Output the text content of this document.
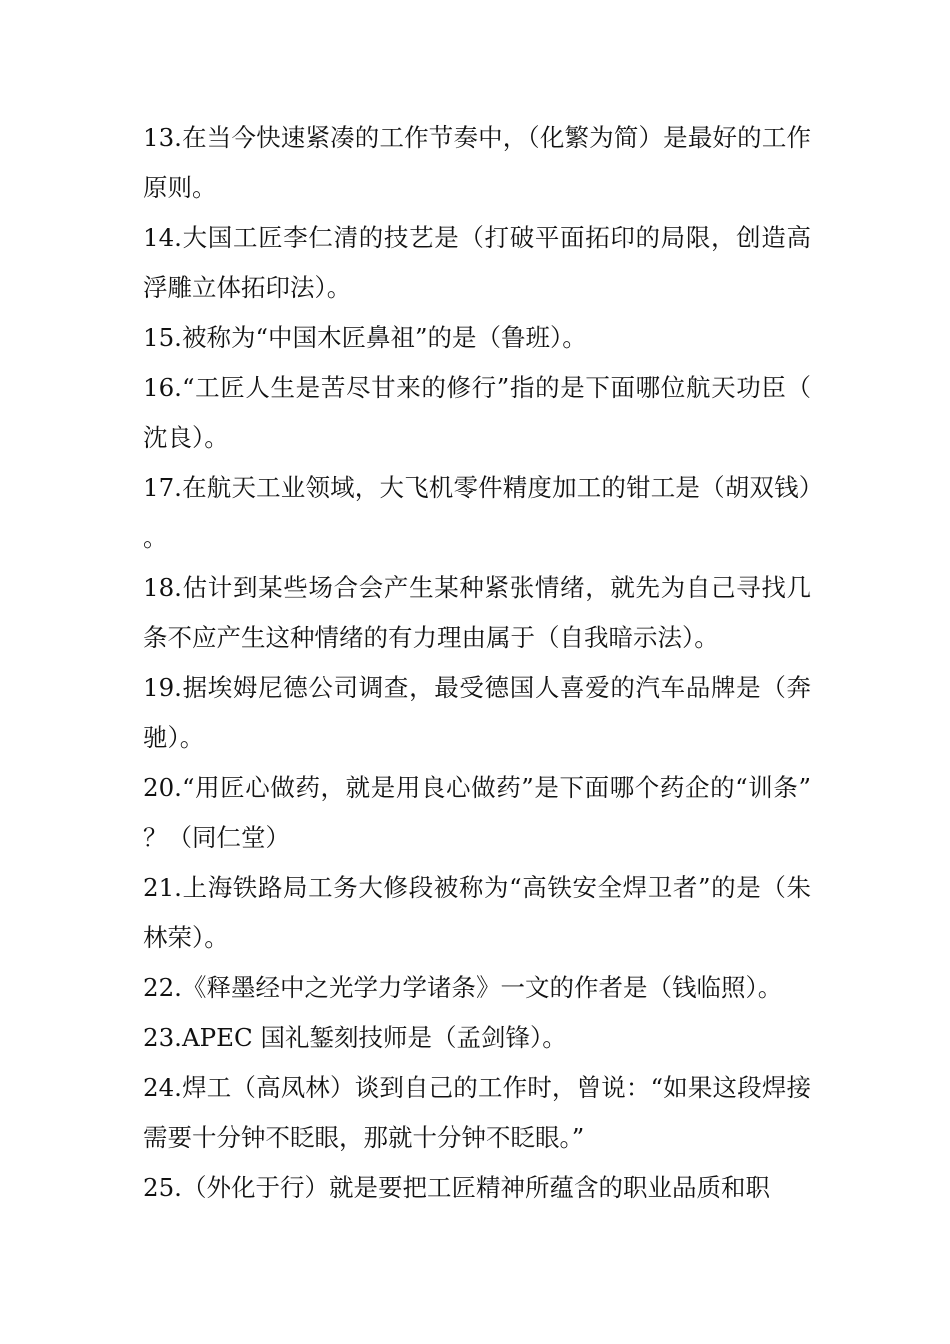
13.在当今快速紧凑的工作节奏中，（化繁为简）是最好的工作原则。

14.大国工匠李仁清的技艺是（打破平面拓印的局限，创造高浮雕立体拓印法）。

15.被称为“中国木匠鼻祖”的是（鲁班）。

16.“工匠人生是苦尽甘来的修行”指的是下面哪位航天功臣（沈良）。

17.在航天工业领域，大飞机零件精度加工的钳工是（胡双钱）。

18.估计到某些场合会产生某种紧张情绪，就先为自己寻找几条不应产生这种情绪的有力理由属于（自我暗示法）。

19.据埃姆尼德公司调查，最受德国人喜爱的汽车品牌是（奔驰）。

20.“用匠心做药，就是用良心做药”是下面哪个药企的“训条”？（同仁堂）

21.上海铁路局工务大修段被称为“高铁安全焊卫者”的是（朱林荣）。

22.《释墨经中之光学力学诸条》一文的作者是（钱临照）。

23.APEC 国礼錾刻技师是（孟剑锋）。

24.焊工（高凤林）谈到自己的工作时，曾说：“如果这段焊接需要十分钟不眨眼，那就十分钟不眨眼。”

25.（外化于行）就是要把工匠精神所蕴含的职业品质和职
